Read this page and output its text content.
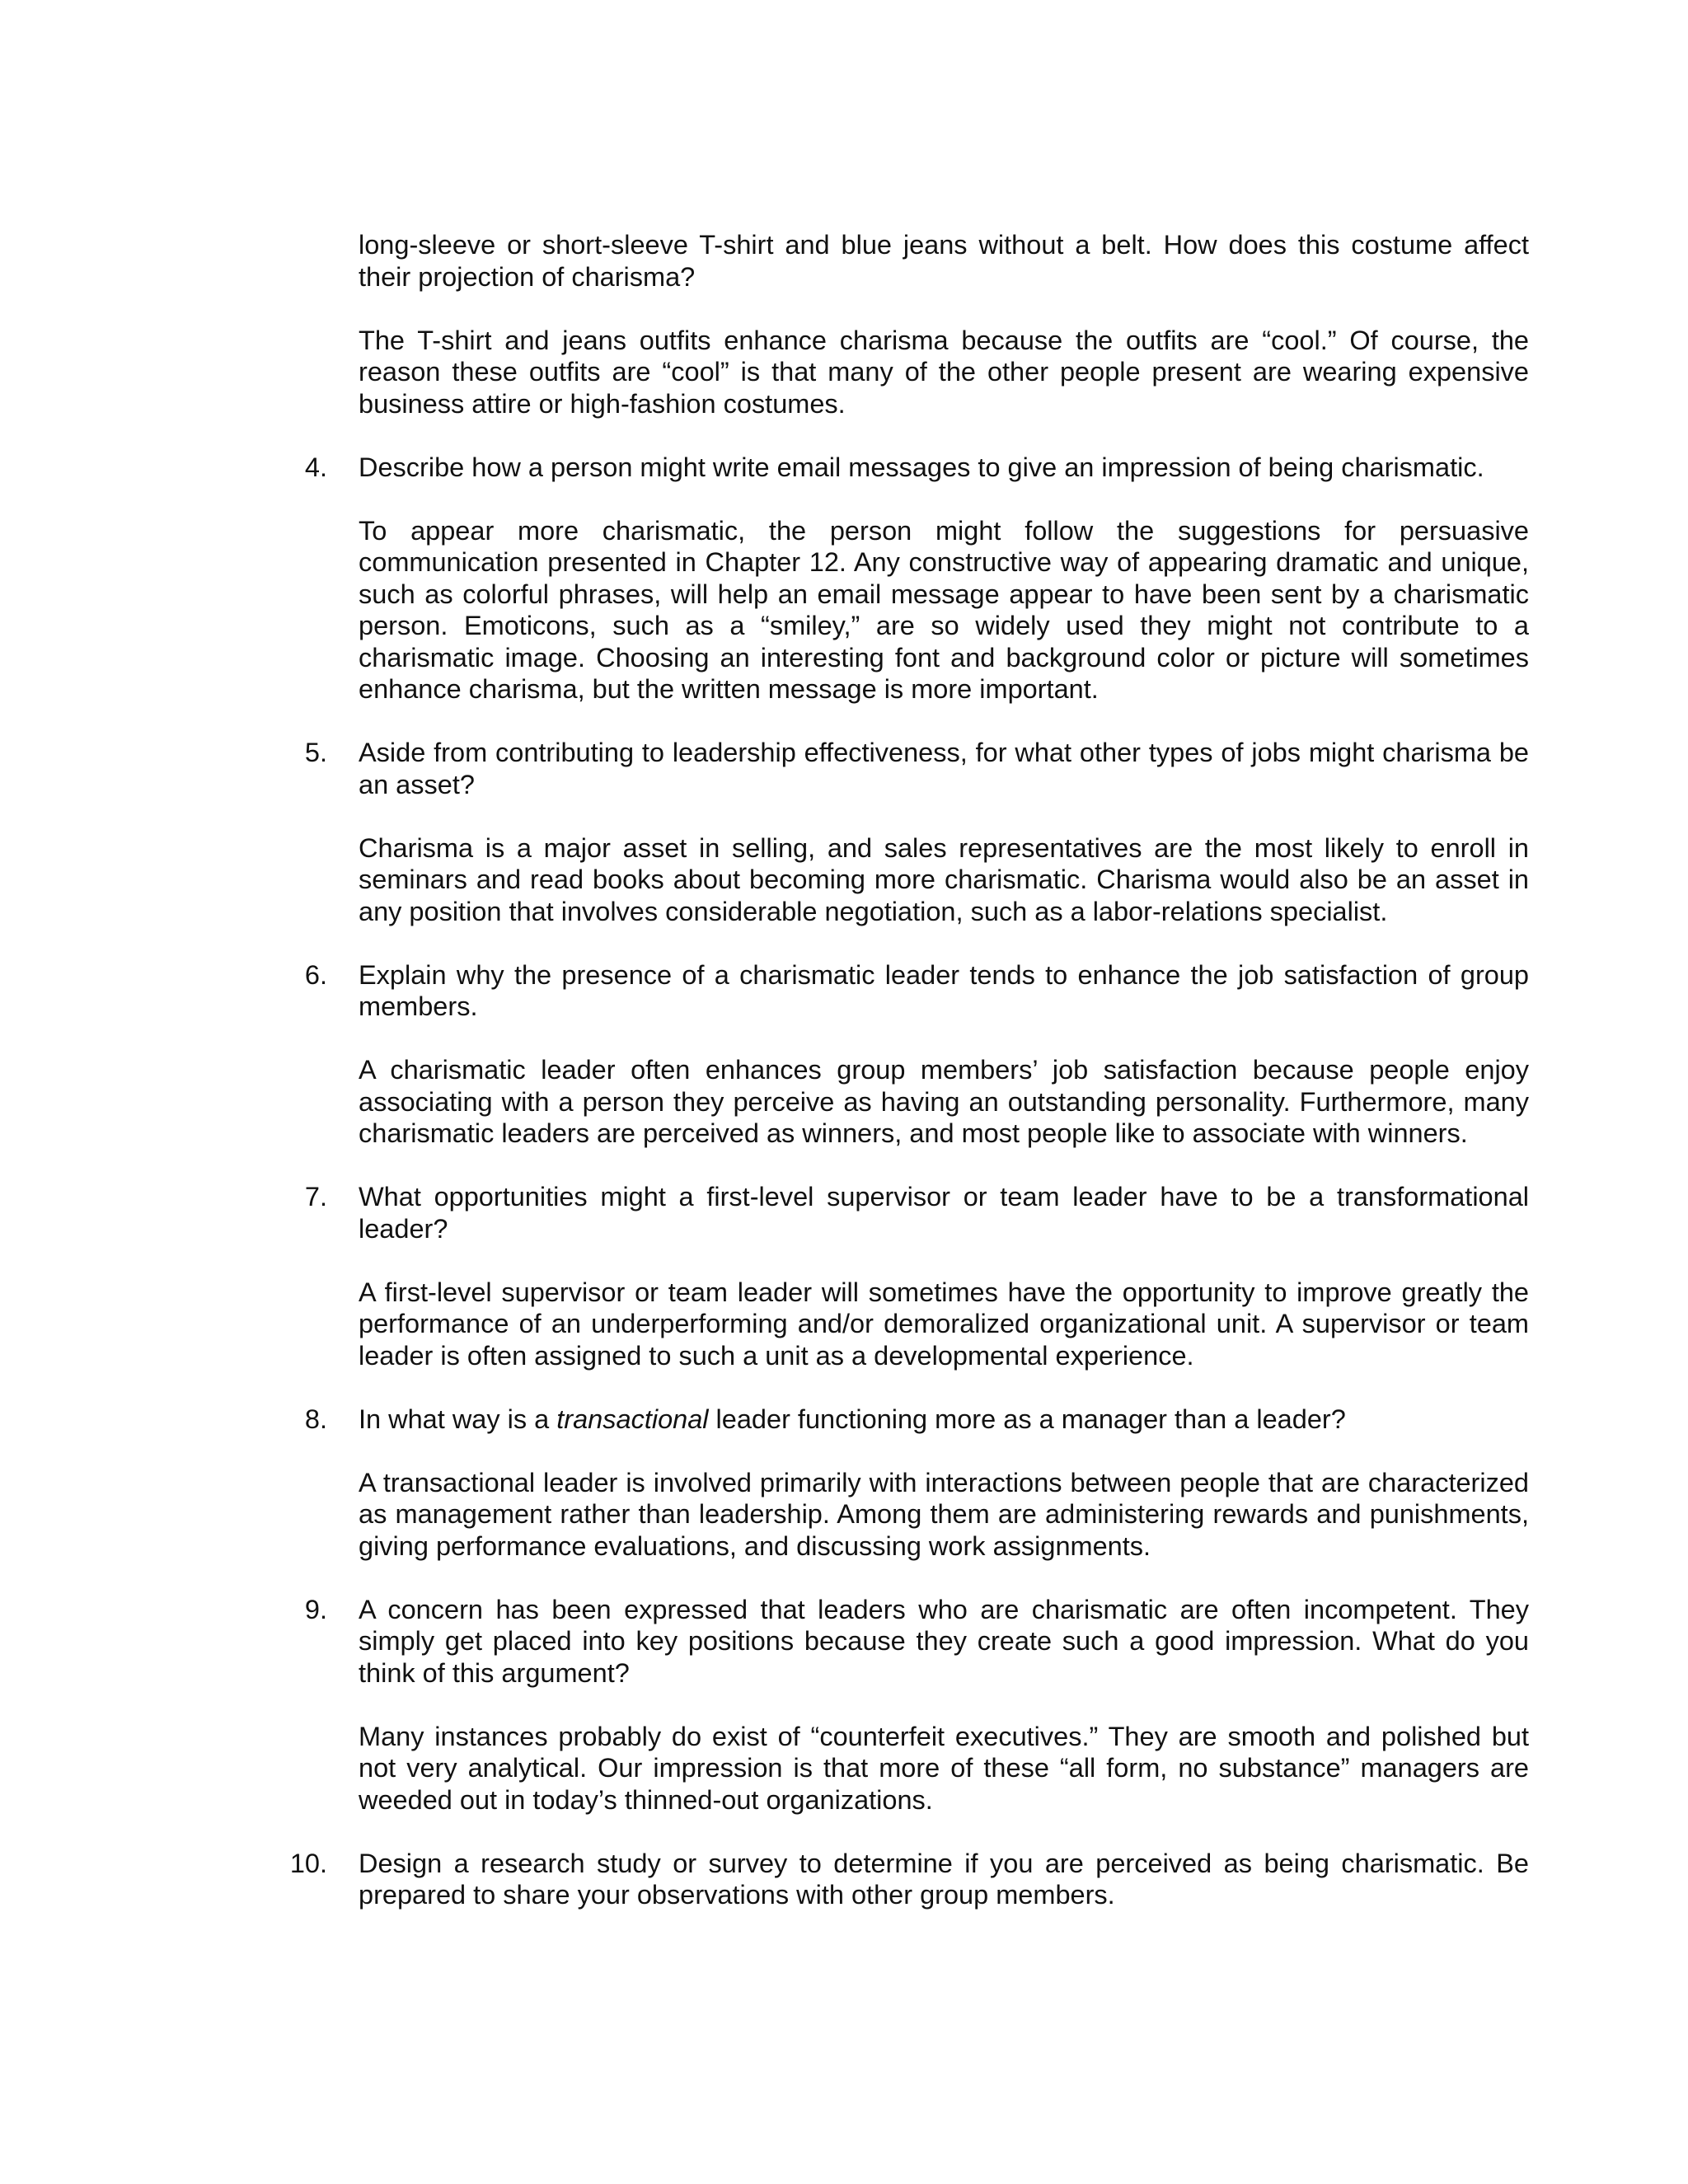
long-sleeve or short-sleeve T-shirt and blue jeans without a belt. How does this costume affect their projection of charisma?

The T-shirt and jeans outfits enhance charisma because the outfits are “cool.” Of course, the reason these outfits are “cool” is that many of the other people present are wearing expensive business attire or high-fashion costumes.

4. Describe how a person might write email messages to give an impression of being charismatic.

To appear more charismatic, the person might follow the suggestions for persuasive communication presented in Chapter 12. Any constructive way of appearing dramatic and unique, such as colorful phrases, will help an email message appear to have been sent by a charismatic person. Emoticons, such as a “smiley,” are so widely used they might not contribute to a charismatic image. Choosing an interesting font and background color or picture will sometimes enhance charisma, but the written message is more important.

5. Aside from contributing to leadership effectiveness, for what other types of jobs might charisma be an asset?

Charisma is a major asset in selling, and sales representatives are the most likely to enroll in seminars and read books about becoming more charismatic. Charisma would also be an asset in any position that involves considerable negotiation, such as a labor-relations specialist.

6. Explain why the presence of a charismatic leader tends to enhance the job satisfaction of group members.

A charismatic leader often enhances group members’ job satisfaction because people enjoy associating with a person they perceive as having an outstanding personality. Furthermore, many charismatic leaders are perceived as winners, and most people like to associate with winners.

7. What opportunities might a first-level supervisor or team leader have to be a transformational leader?

A first-level supervisor or team leader will sometimes have the opportunity to improve greatly the performance of an underperforming and/or demoralized organizational unit. A supervisor or team leader is often assigned to such a unit as a developmental experience.

8. In what way is a transactional leader functioning more as a manager than a leader?

A transactional leader is involved primarily with interactions between people that are characterized as management rather than leadership. Among them are administering rewards and punishments, giving performance evaluations, and discussing work assignments.

9. A concern has been expressed that leaders who are charismatic are often incompetent. They simply get placed into key positions because they create such a good impression. What do you think of this argument?

Many instances probably do exist of “counterfeit executives.” They are smooth and polished but not very analytical. Our impression is that more of these “all form, no substance” managers are weeded out in today’s thinned-out organizations.

10. Design a research study or survey to determine if you are perceived as being charismatic. Be prepared to share your observations with other group members.
